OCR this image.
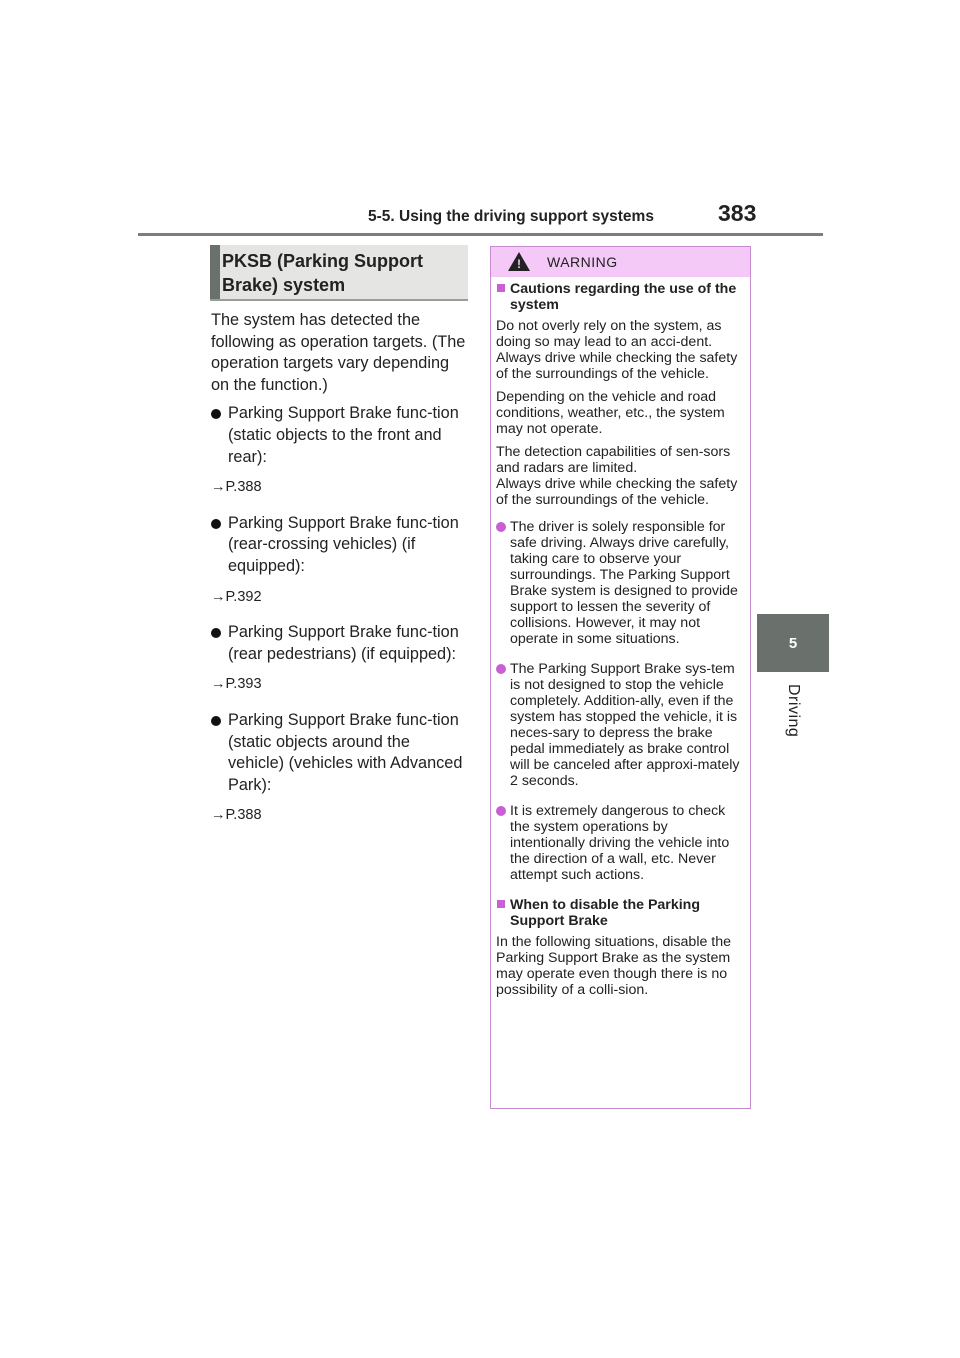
5-5. Using the driving support systems	383
5
Driving
PKSB (Parking Support
Brake) system

The system has detected the following as operation targets. (The operation targets vary depending on the function.)

Parking Support Brake func-tion (static objects to the front and rear):
→P.388
Parking Support Brake func-tion (rear-crossing vehicles) (if equipped):
→P.392
Parking Support Brake func-tion (rear pedestrians) (if equipped):
→P.393
Parking Support Brake func-tion (static objects around the vehicle) (vehicles with Advanced Park):
→P.388
! WARNING
Cautions regarding the use of the system

Do not overly rely on the system, as doing so may lead to an acci-dent.
Always drive while checking the safety of the surroundings of the vehicle.

Depending on the vehicle and road conditions, weather, etc., the system may not operate.

The detection capabilities of sen-sors and radars are limited.
Always drive while checking the safety of the surroundings of the vehicle.

The driver is solely responsible for safe driving. Always drive carefully, taking care to observe your surroundings. The Parking Support Brake system is designed to provide support to lessen the severity of collisions. However, it may not operate in some situations.
The Parking Support Brake sys-tem is not designed to stop the vehicle completely. Addition-ally, even if the system has stopped the vehicle, it is neces-sary to depress the brake pedal immediately as brake control will be canceled after approxi-mately 2 seconds.
It is extremely dangerous to check the system operations by intentionally driving the vehicle into the direction of a wall, etc. Never attempt such actions.
When to disable the Parking Support Brake

In the following situations, disable the Parking Support Brake as the system may operate even though there is no possibility of a colli-sion.
